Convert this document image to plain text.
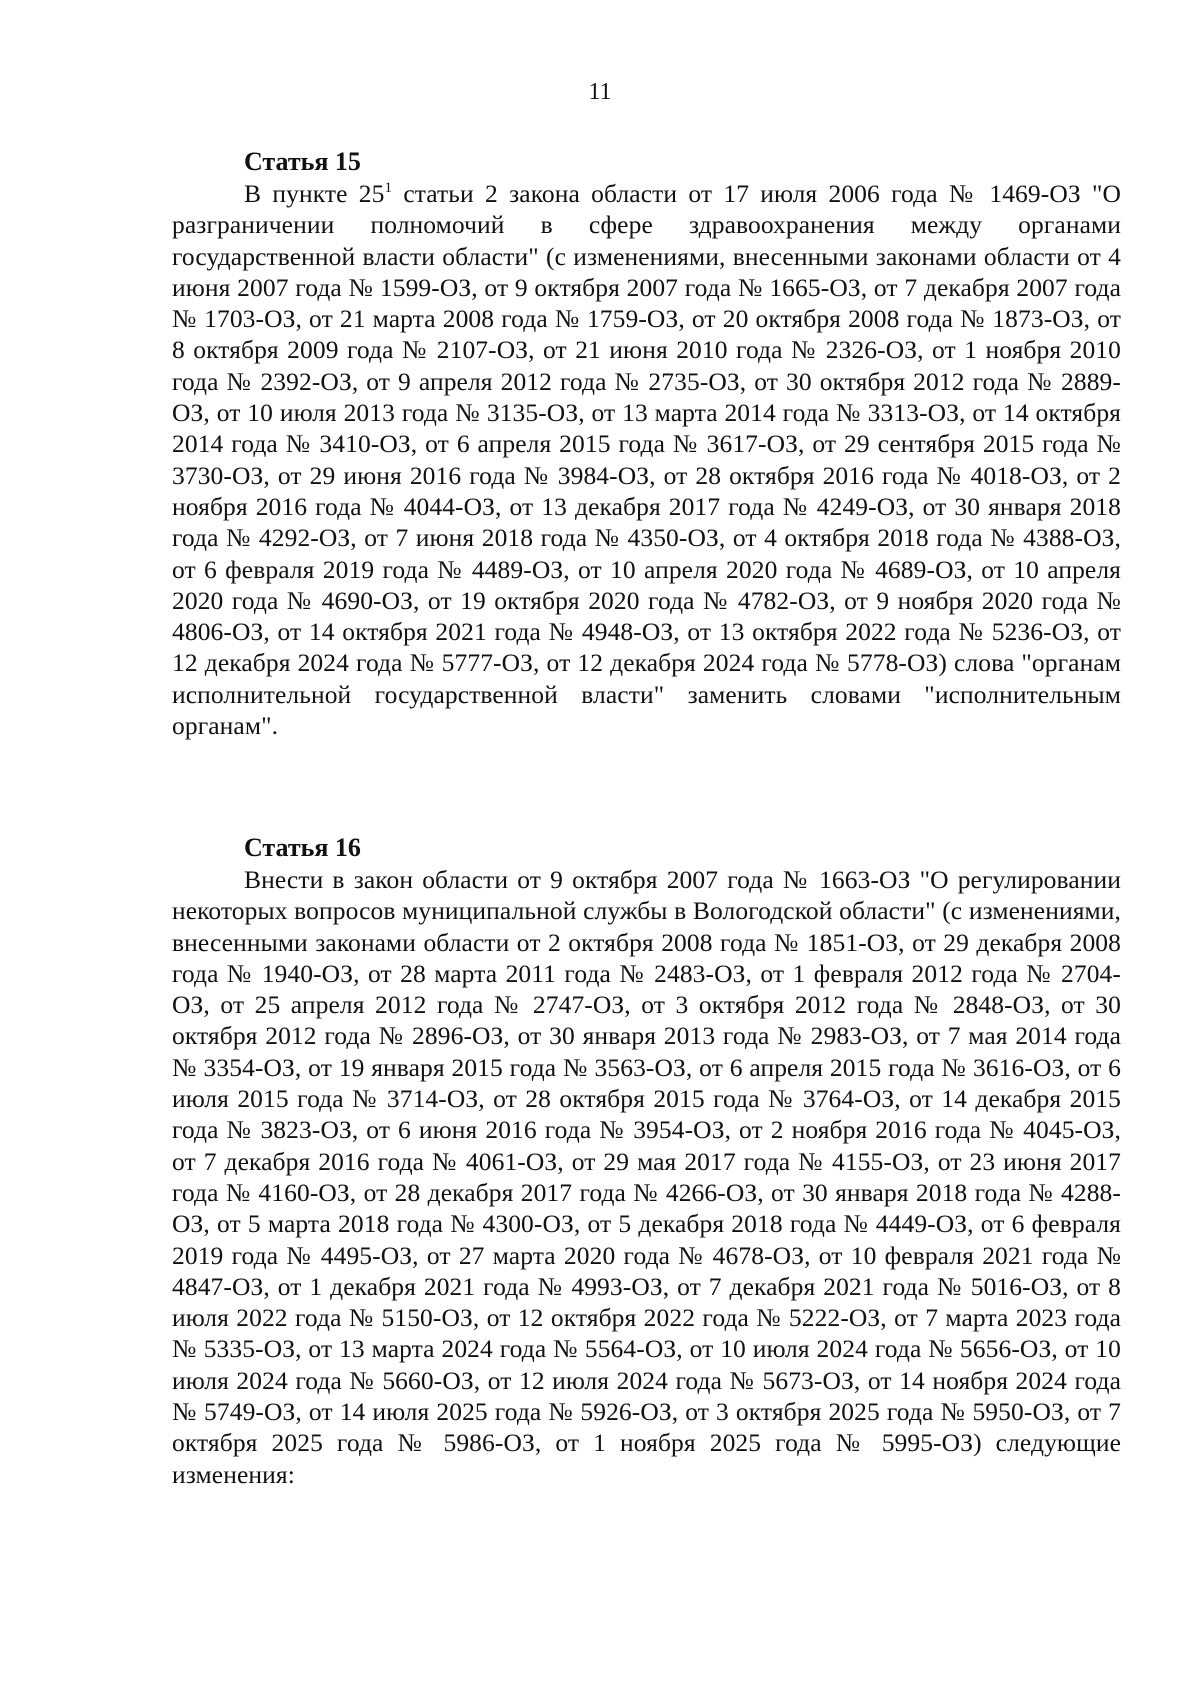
11
Статья 15

В пункте $25^1$ статьи 2 закона области от 17 июля 2006 года № 1469-ОЗ "О разграничении полномочий в сфере здравоохранения между органами государственной власти области" (с изменениями, внесенными законами области от 4 июня 2007 года № 1599-ОЗ, от 9 октября 2007 года № 1665-ОЗ, от 7 декабря 2007 года № 1703-ОЗ, от 21 марта 2008 года № 1759-ОЗ, от 20 октября 2008 года № 1873-ОЗ, от 8 октября 2009 года № 2107-ОЗ, от 21 июня 2010 года № 2326-ОЗ, от 1 ноября 2010 года № 2392-ОЗ, от 9 апреля 2012 года № 2735-ОЗ, от 30 октября 2012 года № 2889-ОЗ, от 10 июля 2013 года № 3135-ОЗ, от 13 марта 2014 года № 3313-ОЗ, от 14 октября 2014 года № 3410-ОЗ, от 6 апреля 2015 года № 3617-ОЗ, от 29 сентября 2015 года № 3730-ОЗ, от 29 июня 2016 года № 3984-ОЗ, от 28 октября 2016 года № 4018-ОЗ, от 2 ноября 2016 года № 4044-ОЗ, от 13 декабря 2017 года № 4249-ОЗ, от 30 января 2018 года № 4292-ОЗ, от 7 июня 2018 года № 4350-ОЗ, от 4 октября 2018 года № 4388-ОЗ, от 6 февраля 2019 года № 4489-ОЗ, от 10 апреля 2020 года № 4689-ОЗ, от 10 апреля 2020 года № 4690-ОЗ, от 19 октября 2020 года № 4782-ОЗ, от 9 ноября 2020 года № 4806-ОЗ, от 14 октября 2021 года № 4948-ОЗ, от 13 октября 2022 года № 5236-ОЗ, от 12 декабря 2024 года № 5777-ОЗ, от 12 декабря 2024 года № 5778-ОЗ) слова "органам исполнительной государственной власти" заменить словами "исполнительным органам".

Статья 16

Внести в закон области от 9 октября 2007 года № 1663-ОЗ "О регулировании некоторых вопросов муниципальной службы в Вологодской области" (с изменениями, внесенными законами области от 2 октября 2008 года № 1851-ОЗ, от 29 декабря 2008 года № 1940-ОЗ, от 28 марта 2011 года № 2483-ОЗ, от 1 февраля 2012 года № 2704-ОЗ, от 25 апреля 2012 года № 2747-ОЗ, от 3 октября 2012 года № 2848-ОЗ, от 30 октября 2012 года № 2896-ОЗ, от 30 января 2013 года № 2983-ОЗ, от 7 мая 2014 года № 3354-ОЗ, от 19 января 2015 года № 3563-ОЗ, от 6 апреля 2015 года № 3616-ОЗ, от 6 июля 2015 года № 3714-ОЗ, от 28 октября 2015 года № 3764-ОЗ, от 14 декабря 2015 года № 3823-ОЗ, от 6 июня 2016 года № 3954-ОЗ, от 2 ноября 2016 года № 4045-ОЗ, от 7 декабря 2016 года № 4061-ОЗ, от 29 мая 2017 года № 4155-ОЗ, от 23 июня 2017 года № 4160-ОЗ, от 28 декабря 2017 года № 4266-ОЗ, от 30 января 2018 года № 4288-ОЗ, от 5 марта 2018 года № 4300-ОЗ, от 5 декабря 2018 года № 4449-ОЗ, от 6 февраля 2019 года № 4495-ОЗ, от 27 марта 2020 года № 4678-ОЗ, от 10 февраля 2021 года № 4847-ОЗ, от 1 декабря 2021 года № 4993-ОЗ, от 7 декабря 2021 года № 5016-ОЗ, от 8 июля 2022 года № 5150-ОЗ, от 12 октября 2022 года № 5222-ОЗ, от 7 марта 2023 года № 5335-ОЗ, от 13 марта 2024 года № 5564-ОЗ, от 10 июля 2024 года № 5656-ОЗ, от 10 июля 2024 года № 5660-ОЗ, от 12 июля 2024 года № 5673-ОЗ, от 14 ноября 2024 года № 5749-ОЗ, от 14 июля 2025 года № 5926-ОЗ, от 3 октября 2025 года № 5950-ОЗ, от 7 октября 2025 года № 5986-ОЗ, от 1 ноября 2025 года № 5995-ОЗ) следующие изменения:
